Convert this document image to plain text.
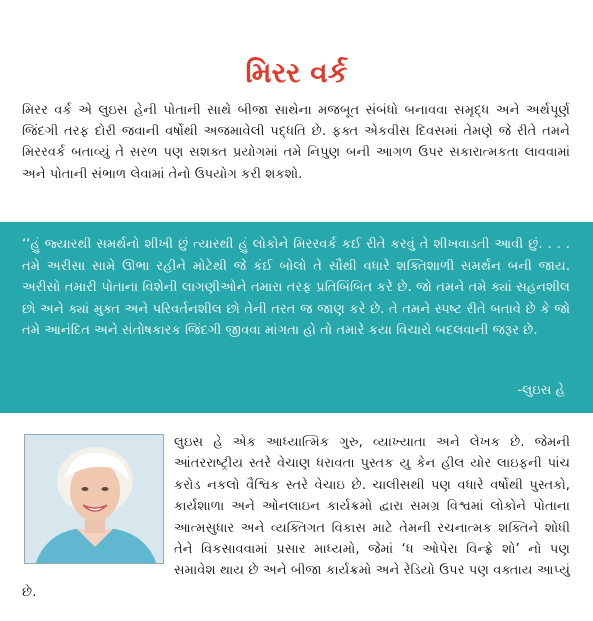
મિરર વર્ક

મિરર વર્ક એ લુઇસ હેની પોતાની સાથે બીજા સાથેના મજબૂત સંબંધો બનાવવા સમૃદ્ધ અને અર્થપૂર્ણ જિંદગી તરફ દોરી જવાની વર્ષોથી અજમાવેલી પદ્ધતિ છે. ફક્ત એકવીસ દિવસમાં તેમણે જે રીતે તમને મિરરવર્ક બતાવ્યું તે સરળ પણ સશક્ત પ્રયોગમાં તમે નિપુણ બની આગળ ઉપર સકારાત્મકતા લાવવામાં અને પોતાની સંભાળ લેવામાં તેનો ઉપયોગ કરી શકશો.

‘‘હું જ્યારથી સમર્થનો શીખી છું ત્યારથી હું લોકોને મિરરવર્ક કઈ રીતે કરવું તે શીખવાડતી આવી છું. . . . તમે અરીસા સામે ઊભા રહીને મોટેથી જે કંઈ બોલો તે સૌથી વધારે શક્તિશાળી સમર્થન બની જાય. અરીસો તમારી પોતાના વિશેની લાગણીઓને તમારા તરફ પ્રતિબિંબિત કરે છે. જો તમને તમે ક્યાં સહનશીલ છો અને ક્યાં મુક્ત અને પરિવર્તનશીલ છો તેની તરત જ જાણ કરે છે. તે તમને સ્પષ્ટ રીતે બતાવે છે કે જો તમે આનંદિત અને સંતોષકારક જિંદગી જીવવા માંગતા હો તો તમારે કયા વિચારો બદલવાની જરૂર છે.

-લુઇસ હે

લુઇસ હે એક આધ્યાત્મિક ગુરુ, વ્યાખ્યાતા અને લેખક છે. જેમની આંતરરાષ્ટ્રીય સ્તરે વેચાણ ધરાવતા પુસ્તક યુ કેન હીલ યોર લાઇફની પાંચ કરોડ નકલો વૈશ્વિક સ્તરે વેચાઇ છે. ચાલીસથી પણ વધારે વર્ષોથી પુસ્તકો, કાર્યશાળા અને ઓનલાઇન કાર્યક્રમો દ્વારા સમગ્ર વિશ્વમાં લોકોને પોતાના આત્મસુધાર અને વ્યક્તિગત વિકાસ માટે તેમની રચનાત્મક શક્તિને શોધી તેને વિકસાવવામાં પ્રસાર માધ્યમો, જેમાં ‘ધ ઓપેરા વિન્ફ્રે શો’ નો પણ સમાવેશ થાય છે અને બીજા કાર્યક્રમો અને રેડિયો ઉપર પણ વક્તાય આપ્યું છે.
